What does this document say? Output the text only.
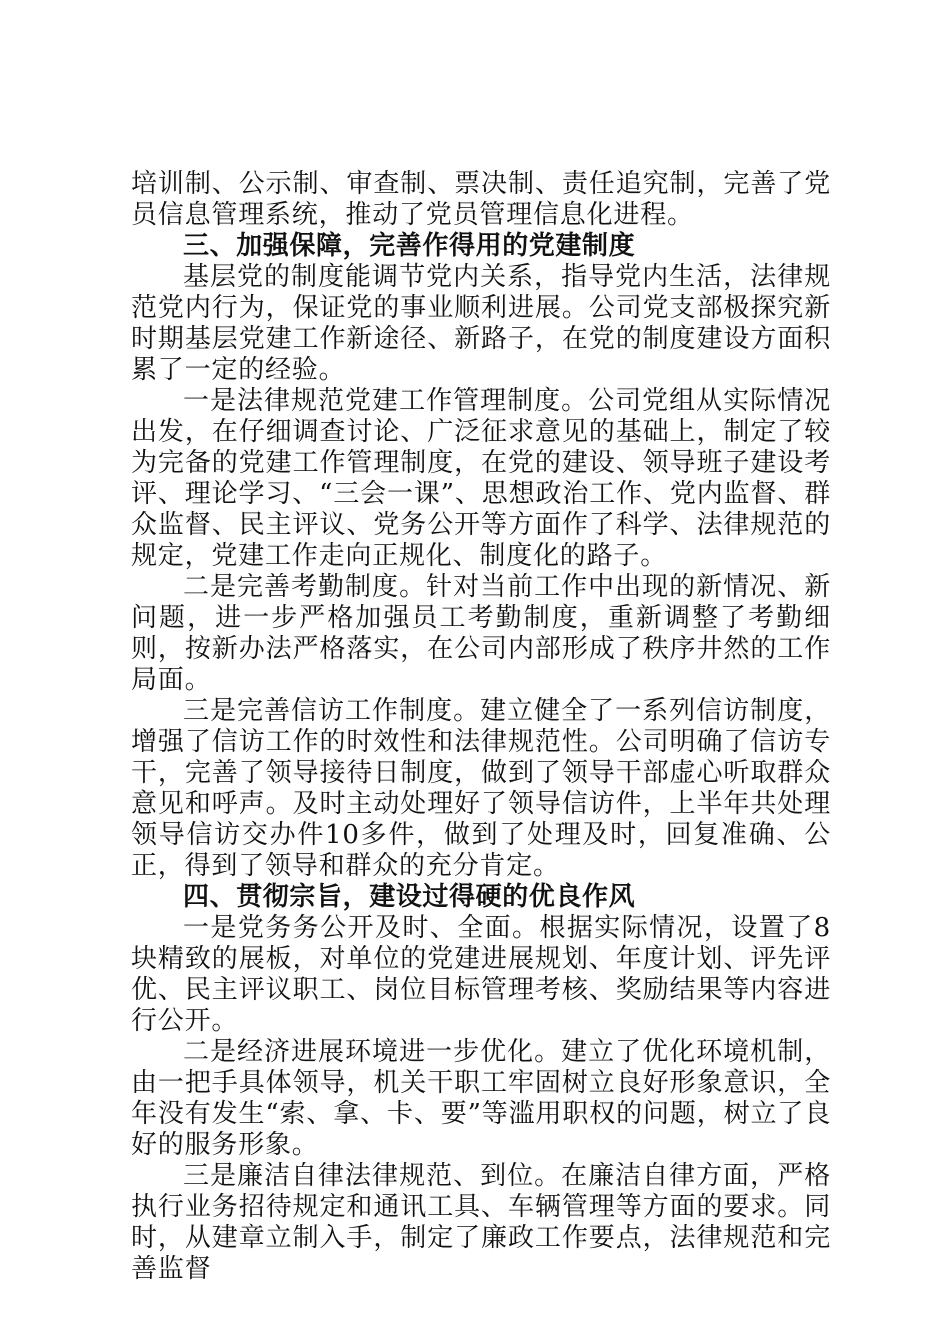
培训制、公示制、审查制、票决制、责任追究制，完善了党员信息管理系统，推动了党员管理信息化进程。

三、加强保障，完善作得用的党建制度

基层党的制度能调节党内关系，指导党内生活，法律规范党内行为，保证党的事业顺利进展。公司党支部极探究新时期基层党建工作新途径、新路子，在党的制度建设方面积累了一定的经验。

一是法律规范党建工作管理制度。公司党组从实际情况出发，在仔细调查讨论、广泛征求意见的基础上，制定了较为完备的党建工作管理制度，在党的建设、领导班子建设考评、理论学习、“三会一课”、思想政治工作、党内监督、群众监督、民主评议、党务公开等方面作了科学、法律规范的规定，党建工作走向正规化、制度化的路子。

二是完善考勤制度。针对当前工作中出现的新情况、新问题，进一步严格加强员工考勤制度，重新调整了考勤细则，按新办法严格落实，在公司内部形成了秩序井然的工作局面。

三是完善信访工作制度。建立健全了一系列信访制度，增强了信访工作的时效性和法律规范性。公司明确了信访专干，完善了领导接待日制度，做到了领导干部虚心听取群众意见和呼声。及时主动处理好了领导信访件，上半年共处理领导信访交办件10多件，做到了处理及时，回复准确、公正，得到了领导和群众的充分肯定。

四、贯彻宗旨，建设过得硬的优良作风

一是党务务公开及时、全面。根据实际情况，设置了8块精致的展板，对单位的党建进展规划、年度计划、评先评优、民主评议职工、岗位目标管理考核、奖励结果等内容进行公开。

二是经济进展环境进一步优化。建立了优化环境机制，由一把手具体领导，机关干职工牢固树立良好形象意识，全年没有发生“索、拿、卡、要”等滥用职权的问题，树立了良好的服务形象。

三是廉洁自律法律规范、到位。在廉洁自律方面，严格执行业务招待规定和通讯工具、车辆管理等方面的要求。同时，从建章立制入手，制定了廉政工作要点，法律规范和完善监督
